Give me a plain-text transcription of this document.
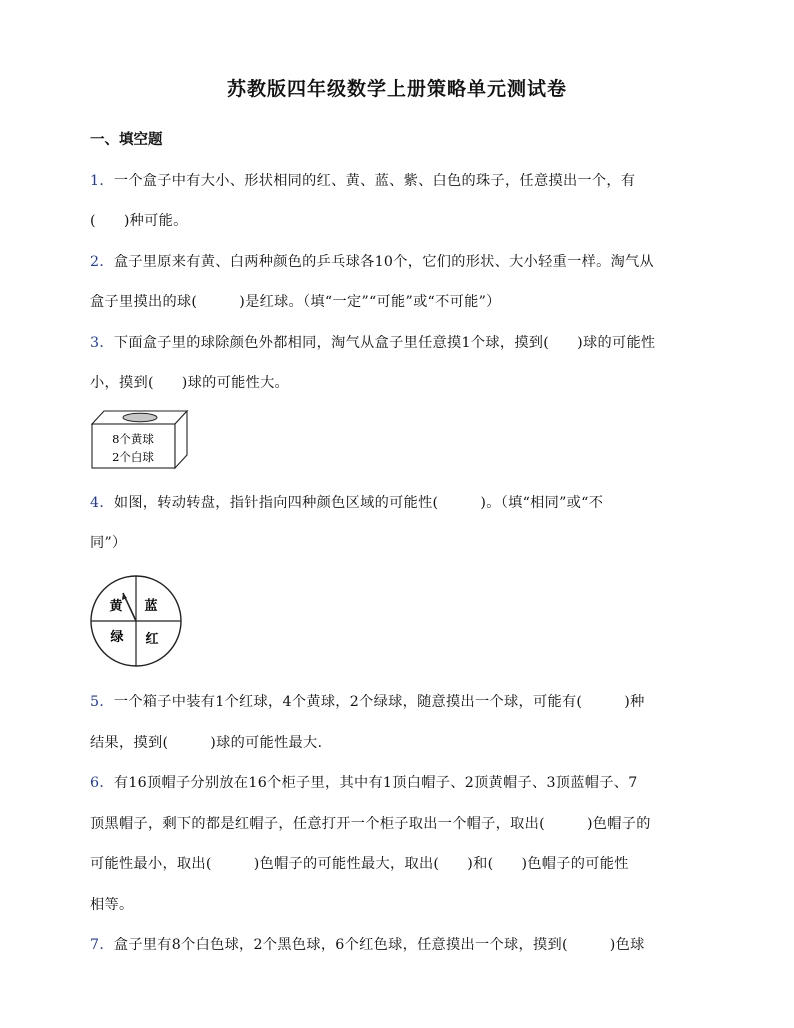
苏教版四年级数学上册策略单元测试卷
一、填空题
1．一个盒子中有大小、形状相同的红、黄、蓝、紫、白色的珠子，任意摸出一个，有
( )种可能。
2．盒子里原来有黄、白两种颜色的乒乓球各10个，它们的形状、大小轻重一样。淘气从
盒子里摸出的球(	)是红球。（填“一定”“可能”或“不可能”）
3．下面盒子里的球除颜色外都相同，淘气从盒子里任意摸1个球，摸到( )球的可能性
小，摸到( )球的可能性大。
8个黄球
2个白球
4．如图，转动转盘，指针指向四种颜色区域的可能性(	)。（填“相同”或“不
同”）
黄 蓝
绿 红
5．一个箱子中装有1个红球，4个黄球，2个绿球，随意摸出一个球，可能有(	)种
结果，摸到(	)球的可能性最大.
6．有16顶帽子分别放在16个柜子里，其中有1顶白帽子、2顶黄帽子、3顶蓝帽子、7
顶黑帽子，剩下的都是红帽子，任意打开一个柜子取出一个帽子，取出(	)色帽子的
可能性最小，取出(	)色帽子的可能性最大，取出( )和( )色帽子的可能性
相等。
7．盒子里有8个白色球，2个黑色球，6个红色球，任意摸出一个球，摸到(	)色球
